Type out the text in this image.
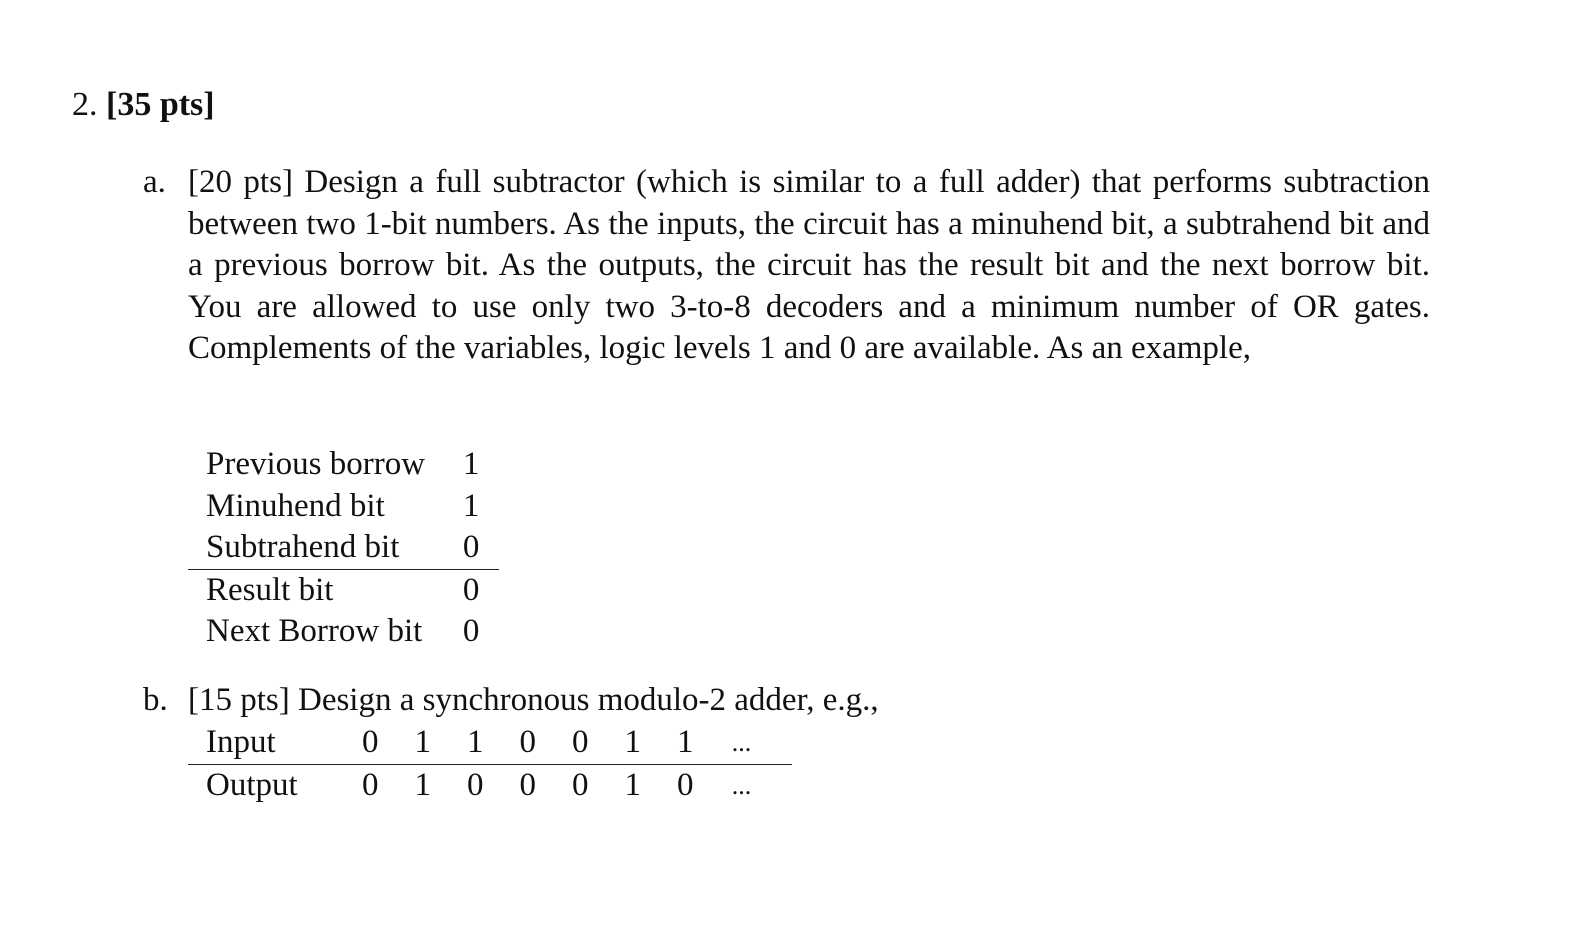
2. [35 pts]
a. [20 pts] Design a full subtractor (which is similar to a full adder) that performs subtraction between two 1-bit numbers. As the inputs, the circuit has a minuhend bit, a subtrahend bit and a previous borrow bit. As the outputs, the circuit has the result bit and the next borrow bit. You are allowed to use only two 3-to-8 decoders and a minimum number of OR gates. Complements of the variables, logic levels 1 and 0 are available. As an example,
Previous borrow	1
Minuhend bit	1
Subtrahend bit	0
Result bit	0
Next Borrow bit	0
b. [15 pts] Design a synchronous modulo-2 adder, e.g.,
Input	0	1	1	0	0	1	1	...
Output	0	1	0	0	0	1	0	...
